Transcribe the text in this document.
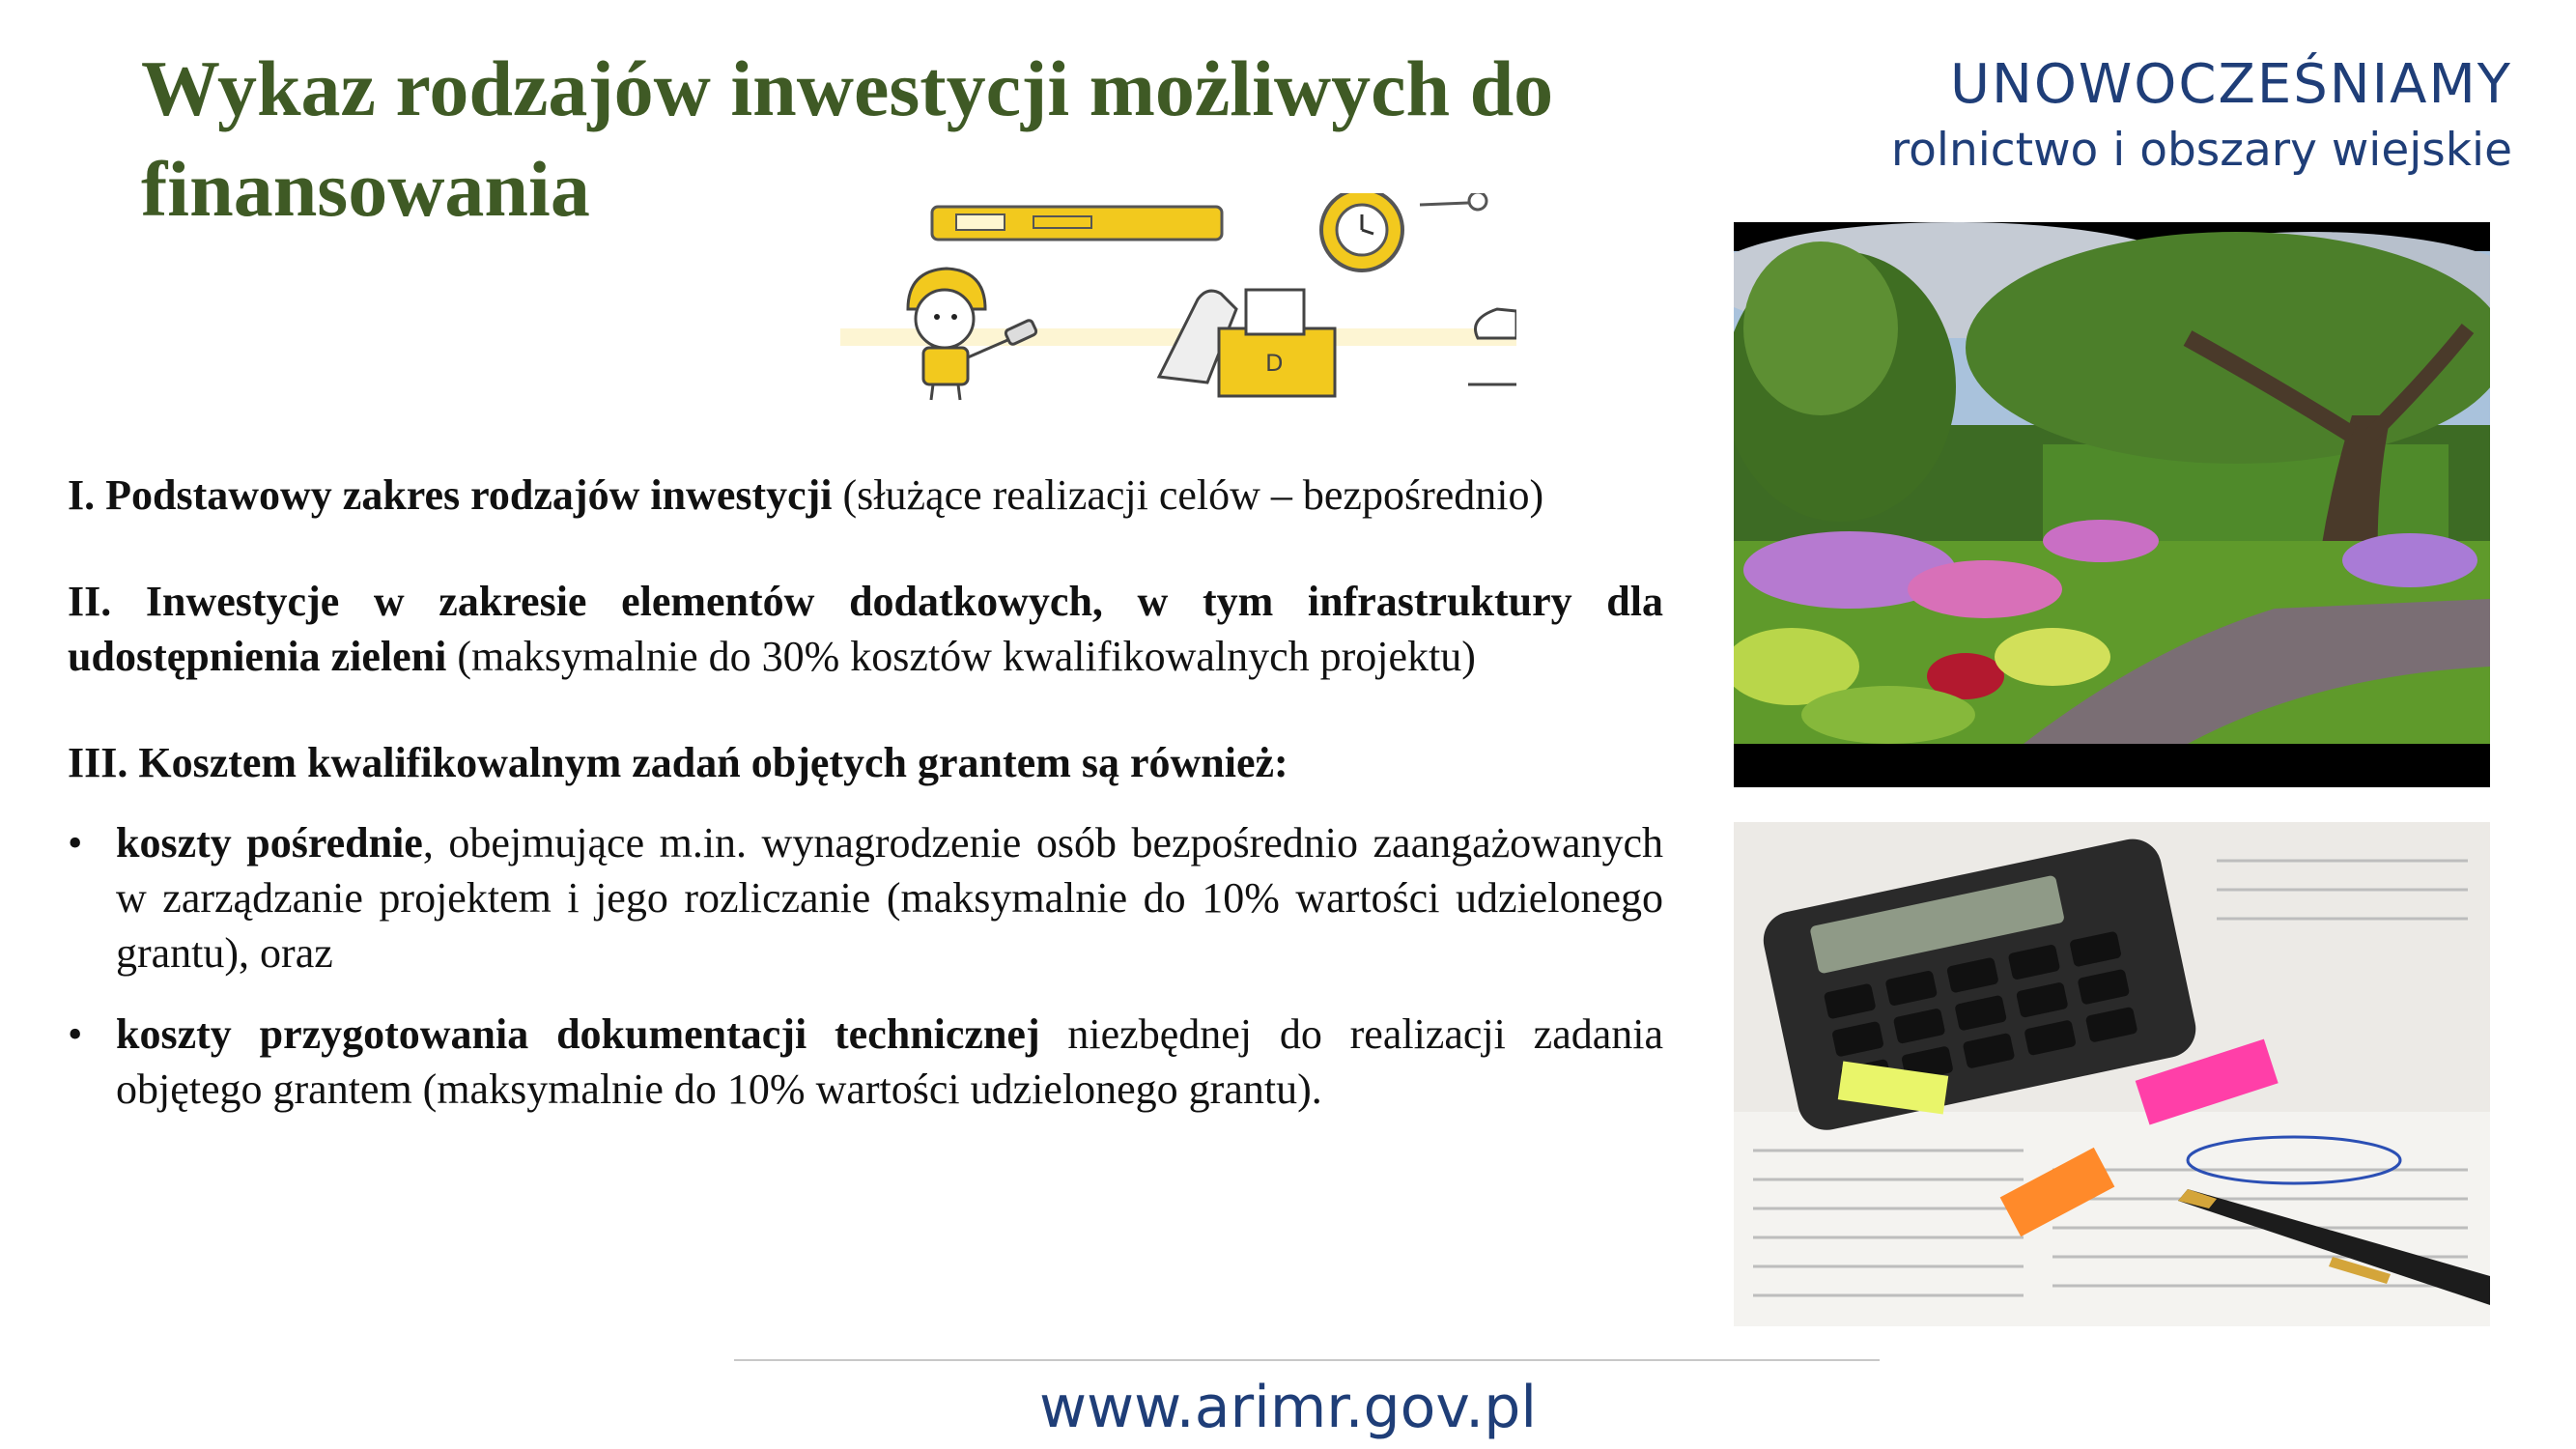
Wykaz rodzajów inwestycji możliwych do finansowania
UNOWOCZEŚNIAMY
rolnictwo i obszary wiejskie
D

I. Podstawowy zakres rodzajów inwestycji (służące realizacji celów – bezpośrednio)

II. Inwestycje w zakresie elementów dodatkowych, w tym infrastruktury dla udostępnienia zieleni (maksymalnie do 30% kosztów kwalifikowalnych projektu)

III. Kosztem kwalifikowalnym zadań objętych grantem są również:

• koszty pośrednie, obejmujące m.in. wynagrodzenie osób bezpośrednio zaangażowanych w zarządzanie projektem i jego rozliczanie (maksymalnie do 10% wartości udzielonego grantu), oraz
• koszty przygotowania dokumentacji technicznej niezbędnej do realizacji zadania objętego grantem (maksymalnie do 10% wartości udzielonego grantu).
www.arimr.gov.pl
